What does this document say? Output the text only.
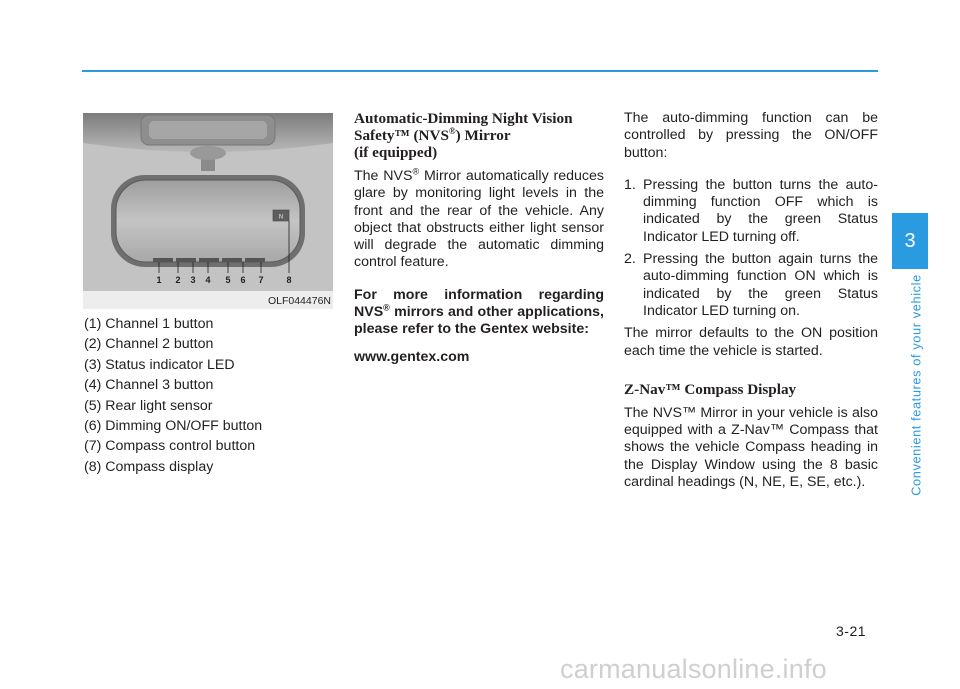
N
1 2 3 4 5 6 7	8
OLF044476N
(1) Channel 1 button
(2) Channel 2 button
(3) Status indicator LED
(4) Channel 3 button
(5) Rear light sensor
(6) Dimming ON/OFF button
(7) Compass control button
(8) Compass display
Automatic-Dimming Night Vision
Safety™ (NVS®) Mirror
(if equipped)

The NVS® Mirror automatically reduces glare by monitoring light levels in the front and the rear of the vehicle. Any object that obstructs either light sensor will degrade the automatic dimming control feature.

For more information regarding NVS® mirrors and other applications, please refer to the Gentex website:

www.gentex.com

The auto-dimming function can be controlled by pressing the ON/OFF button:

1. Pressing the button turns the auto-dimming function OFF which is indicated by the green Status Indicator LED turning off.
2. Pressing the button again turns the auto-dimming function ON which is indicated by the green Status Indicator LED turning on.

The mirror defaults to the ON position each time the vehicle is started.

Z-Nav™ Compass Display

The NVS™ Mirror in your vehicle is also equipped with a Z-Nav™ Compass that shows the vehicle Compass heading in the Display Window using the 8 basic cardinal headings (N, NE, E, SE, etc.).

3
Convenient features of your vehicle
3-21
carmanualsonline.info
